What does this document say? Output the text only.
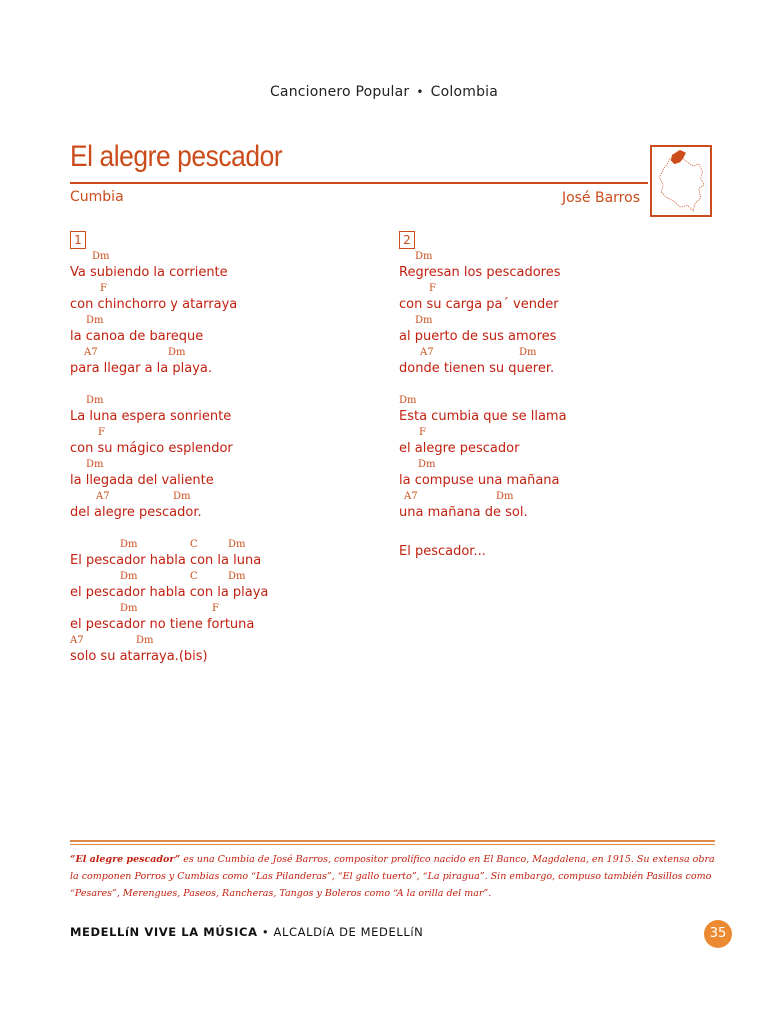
Cancionero Popular • Colombia
El alegre pescador
Cumbia	José Barros
1
Dm
Va subiendo la corriente
F
con chinchorro y atarraya
Dm
la canoa de bareque
A7	Dm
para llegar a la playa.
Dm
La luna espera sonriente
F
con su mágico esplendor
Dm
la llegada del valiente
A7	Dm
del alegre pescador.
Dm	C	Dm
El pescador habla con la luna
Dm	C	Dm
el pescador habla con la playa
Dm	F
el pescador no tiene fortuna
A7	Dm
solo su atarraya.(bis)
2
Dm
Regresan los pescadores
F
con su carga pa´ vender
Dm
al puerto de sus amores
A7	Dm
donde tienen su querer.
Dm
Esta cumbia que se llama
F
el alegre pescador
Dm
la compuse una mañana
A7	Dm
una mañana de sol.
El pescador...
“El alegre pescador” es una Cumbia de José Barros, compositor prolífico nacido en El Banco, Magdalena, en 1915. Su extensa obra la componen Porros y Cumbias como “Las Pilanderas”, “El gallo tuerto”, “La piragua”. Sin embargo, compuso también Pasillos como “Pesares”, Merengues, Paseos, Rancheras, Tangos y Boleros como “A la orilla del mar”.
MEDELLíN VIVE LA MÚSICA • ALCALDíA DE MEDELLíN	35
